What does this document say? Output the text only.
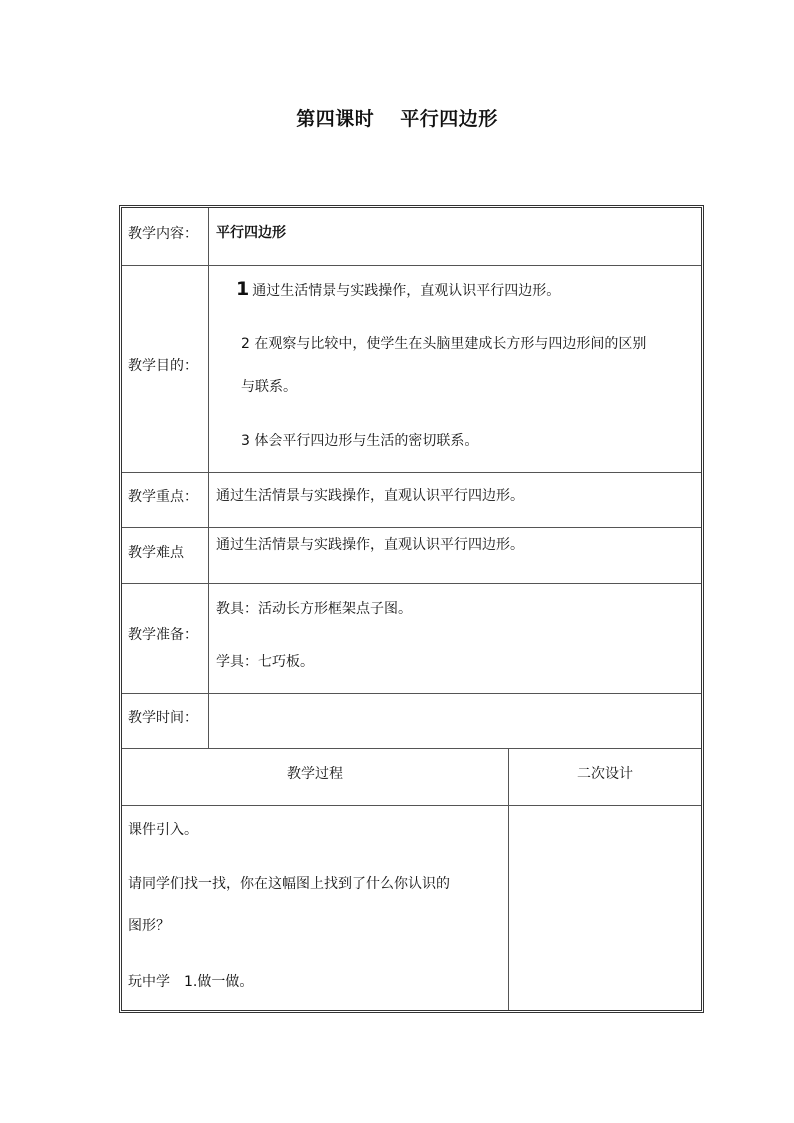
第四课时 平行四边形
教学内容： 平行四边形
教学目的：
1 通过生活情景与实践操作，直观认识平行四边形。
2 在观察与比较中，使学生在头脑里建成长方形与四边形间的区别
与联系。
3 体会平行四边形与生活的密切联系。
教学重点： 通过生活情景与实践操作，直观认识平行四边形。
教学难点 通过生活情景与实践操作，直观认识平行四边形。
教学准备：
教具：活动长方形框架点子图。
学具：七巧板。
教学时间：
教学过程	二次设计
课件引入。
请同学们找一找，你在这幅图上找到了什么你认识的
图形？
玩中学　1.做一做。
